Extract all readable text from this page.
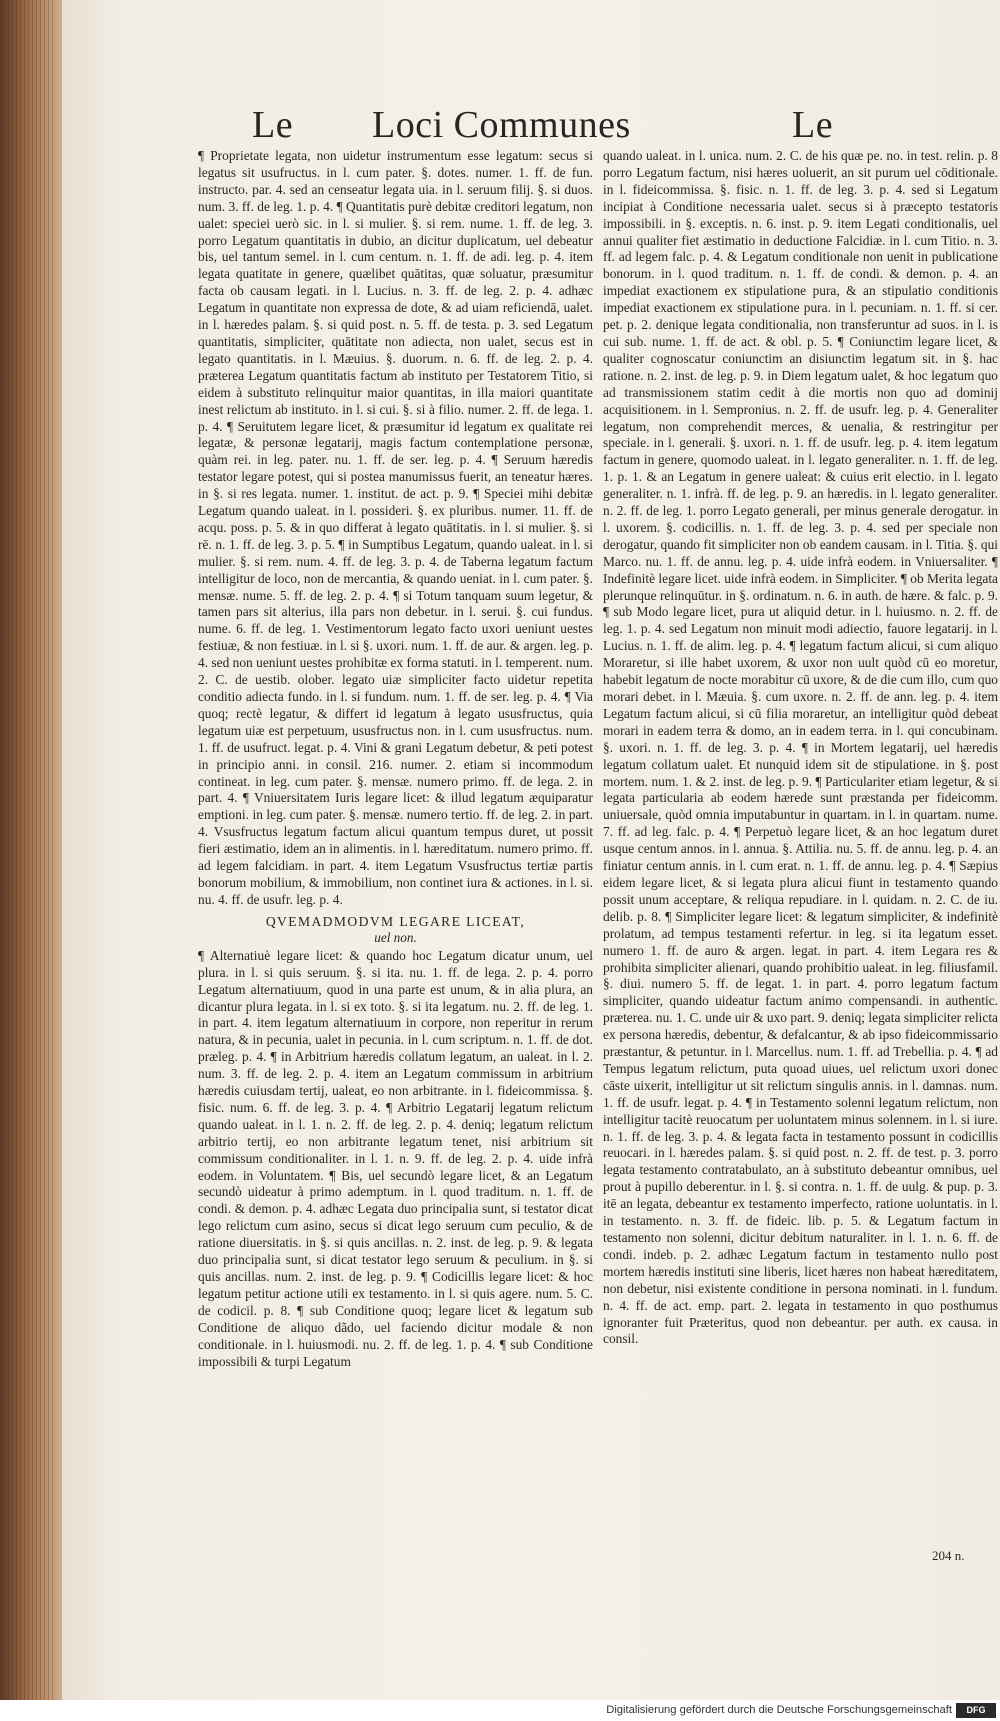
Le Loci Communes	Le

¶ Proprietate legata, non uidetur instrumentum esse legatum: secus si legatus sit usufructus. in l. cum pater. §. dotes. numer. 1. ff. de fun. instructo. par. 4. sed an censeatur legata uia. in l. seruum filij. §. si duos. num. 3. ff. de leg. 1. p. 4. ¶ Quantitatis purè debitæ creditori legatum, non ualet: speciei uerò sic. in l. si mulier. §. si rem. nume. 1. ff. de leg. 3. porro Legatum quantitatis in dubio, an dicitur duplicatum, uel debeatur bis, uel tantum semel. in l. cum centum. n. 1. ff. de adi. leg. p. 4. item legata quatitate in genere, quælibet quātitas, quæ soluatur, præsumitur facta ob causam legati. in l. Lucius. n. 3. ff. de leg. 2. p. 4. adhæc Legatum in quantitate non expressa de dote, & ad uiam reficiendā, ualet. in l. hæredes palam. §. si quid post. n. 5. ff. de testa. p. 3. sed Legatum quantitatis, simpliciter, quātitate non adiecta, non ualet, secus est in legato quantitatis. in l. Mæuius. §. duorum. n. 6. ff. de leg. 2. p. 4. præterea Legatum quantitatis factum ab instituto per Testatorem Titio, si eidem à substituto relinquitur maior quantitas, in illa maiori quantitate inest relictum ab instituto. in l. si cui. §. si à filio. numer. 2. ff. de lega. 1. p. 4. ¶ Seruitutem legare licet, & præsumitur id legatum ex qualitate rei legatæ, & personæ legatarij, magis factum contemplatione personæ, quàm rei. in leg. pater. nu. 1. ff. de ser. leg. p. 4. ¶ Seruum hæredis testator legare potest, qui si postea manumissus fuerit, an teneatur hæres. in §. si res legata. numer. 1. institut. de act. p. 9. ¶ Speciei mihi debitæ Legatum quando ualeat. in l. possideri. §. ex pluribus. numer. 11. ff. de acqu. poss. p. 5. & in quo differat à legato quātitatis. in l. si mulier. §. si rē. n. 1. ff. de leg. 3. p. 5. ¶ in Sumptibus Legatum, quando ualeat. in l. si mulier. §. si rem. num. 4. ff. de leg. 3. p. 4. de Taberna legatum factum intelligitur de loco, non de mercantia, & quando ueniat. in l. cum pater. §. mensæ. nume. 5. ff. de leg. 2. p. 4. ¶ si Totum tanquam suum legetur, & tamen pars sit alterius, illa pars non debetur. in l. serui. §. cui fundus. nume. 6. ff. de leg. 1. Vestimentorum legato facto uxori ueniunt uestes festiuæ, & non festiuæ. in l. si §. uxori. num. 1. ff. de aur. & argen. leg. p. 4. sed non ueniunt uestes prohibitæ ex forma statuti. in l. temperent. num. 2. C. de uestib. olober. legato uiæ simpliciter facto uidetur repetita conditio adiecta fundo. in l. si fundum. num. 1. ff. de ser. leg. p. 4. ¶ Via quoq; rectè legatur, & differt id legatum à legato ususfructus, quia legatum uiæ est perpetuum, ususfructus non. in l. cum ususfructus. num. 1. ff. de usufruct. legat. p. 4. Vini & grani Legatum debetur, & peti potest in principio anni. in consil. 216. numer. 2. etiam si incommodum contineat. in leg. cum pater. §. mensæ. numero primo. ff. de lega. 2. in part. 4. ¶ Vniuersitatem Iuris legare licet: & illud legatum æquiparatur emptioni. in leg. cum pater. §. mensæ. numero tertio. ff. de leg. 2. in part. 4. Vsusfructus legatum factum alicui quantum tempus duret, ut possit fieri æstimatio, idem an in alimentis. in l. hæreditatum. numero primo. ff. ad legem falcidiam. in part. 4. item Legatum Vsusfructus tertiæ partis bonorum mobilium, & immobilium, non continet iura & actiones. in l. si. nu. 4. ff. de usufr. leg. p. 4.

QVEMADMODVM LEGARE LICEAT,
uel non.

¶ Alternatiuè legare licet: & quando hoc Legatum dicatur unum, uel plura. in l. si quis seruum. §. si ita. nu. 1. ff. de lega. 2. p. 4. porro Legatum alternatiuum, quod in una parte est unum, & in alia plura, an dicantur plura legata. in l. si ex toto. §. si ita legatum. nu. 2. ff. de leg. 1. in part. 4. item legatum alternatiuum in corpore, non reperitur in rerum natura, & in pecunia, ualet in pecunia. in l. cum scriptum. n. 1. ff. de dot. præleg. p. 4. ¶ in Arbitrium hæredis collatum legatum, an ualeat. in l. 2. num. 3. ff. de leg. 2. p. 4. item an Legatum commissum in arbitrium hæredis cuiusdam tertij, ualeat, eo non arbitrante. in l. fideicommissa. §. fisic. num. 6. ff. de leg. 3. p. 4. ¶ Arbitrio Legatarij legatum relictum quando ualeat. in l. 1. n. 2. ff. de leg. 2. p. 4. deniq; legatum relictum arbitrio tertij, eo non arbitrante legatum tenet, nisi arbitrium sit commissum conditionaliter. in l. 1. n. 9. ff. de leg. 2. p. 4. uide infrà eodem. in Voluntatem. ¶ Bis, uel secundò legare licet, & an Legatum secundò uideatur à primo ademptum. in l. quod traditum. n. 1. ff. de condi. & demon. p. 4. adhæc Legata duo principalia sunt, si testator dicat lego relictum cum asino, secus si dicat lego seruum cum peculio, & de ratione diuersitatis. in §. si quis ancillas. n. 2. inst. de leg. p. 9. & legata duo principalia sunt, si dicat testator lego seruum & peculium. in §. si quis ancillas. num. 2. inst. de leg. p. 9. ¶ Codicillis legare licet: & hoc legatum petitur actione utili ex testamento. in l. si quis agere. num. 5. C. de codicil. p. 8. ¶ sub Conditione quoq; legare licet & legatum sub Conditione de aliquo dãdo, uel faciendo dicitur modale & non conditionale. in l. huiusmodi. nu. 2. ff. de leg. 1. p. 4. ¶ sub Conditione impossibili & turpi Legatum

quando ualeat. in l. unica. num. 2. C. de his quæ pe. no. in test. relin. p. 8 porro Legatum factum, nisi hæres uoluerit, an sit purum uel cōditionale. in l. fideicommissa. §. fisic. n. 1. ff. de leg. 3. p. 4. sed si Legatum incipiat à Conditione necessaria ualet. secus si à præcepto testatoris impossibili. in §. exceptis. n. 6. inst. p. 9. item Legati conditionalis, uel annui qualiter fiet æstimatio in deductione Falcidiæ. in l. cum Titio. n. 3. ff. ad legem falc. p. 4. & Legatum conditionale non uenit in publicatione bonorum. in l. quod traditum. n. 1. ff. de condi. & demon. p. 4. an impediat exactionem ex stipulatione pura, & an stipulatio conditionis impediat exactionem ex stipulatione pura. in l. pecuniam. n. 1. ff. si cer. pet. p. 2. denique legata conditionalia, non transferuntur ad suos. in l. is cui sub. nume. 1. ff. de act. & obl. p. 5. ¶ Coniunctim legare licet, & qualiter cognoscatur coniunctim an disiunctim legatum sit. in §. hac ratione. n. 2. inst. de leg. p. 9. in Diem legatum ualet, & hoc legatum quo ad transmissionem statim cedit à die mortis non quo ad dominij acquisitionem. in l. Sempronius. n. 2. ff. de usufr. leg. p. 4. Generaliter legatum, non comprehendit merces, & uenalia, & restringitur per speciale. in l. generali. §. uxori. n. 1. ff. de usufr. leg. p. 4. item legatum factum in genere, quomodo ualeat. in l. legato generaliter. n. 1. ff. de leg. 1. p. 1. & an Legatum in genere ualeat: & cuius erit electio. in l. legato generaliter. n. 1. infrà. ff. de leg. p. 9. an hæredis. in l. legato generaliter. n. 2. ff. de leg. 1. porro Legato generali, per minus generale derogatur. in l. uxorem. §. codicillis. n. 1. ff. de leg. 3. p. 4. sed per speciale non derogatur, quando fit simpliciter non ob eandem causam. in l. Titia. §. qui Marco. nu. 1. ff. de annu. leg. p. 4. uide infrà eodem. in Vniuersaliter. ¶ Indefinitè legare licet. uide infrà eodem. in Simpliciter. ¶ ob Merita legata plerunque relinquūtur. in §. ordinatum. n. 6. in auth. de hære. & falc. p. 9. ¶ sub Modo legare licet, pura ut aliquid detur. in l. huiusmo. n. 2. ff. de leg. 1. p. 4. sed Legatum non minuit modi adiectio, fauore legatarij. in l. Lucius. n. 1. ff. de alim. leg. p. 4. ¶ legatum factum alicui, si cum aliquo Moraretur, si ille habet uxorem, & uxor non uult quòd cū eo moretur, habebit legatum de nocte morabitur cū uxore, & de die cum illo, cum quo morari debet. in l. Mæuia. §. cum uxore. n. 2. ff. de ann. leg. p. 4. item Legatum factum alicui, si cū filia moraretur, an intelligitur quòd debeat morari in eadem terra & domo, an in eadem terra. in l. qui concubinam. §. uxori. n. 1. ff. de leg. 3. p. 4. ¶ in Mortem legatarij, uel hæredis legatum collatum ualet. Et nunquid idem sit de stipulatione. in §. post mortem. num. 1. & 2. inst. de leg. p. 9. ¶ Particulariter etiam legetur, & si legata particularia ab eodem hærede sunt præstanda per fideicomm. uniuersale, quòd omnia imputabuntur in quartam. in l. in quartam. nume. 7. ff. ad leg. falc. p. 4. ¶ Perpetuò legare licet, & an hoc legatum duret usque centum annos. in l. annua. §. Attilia. nu. 5. ff. de annu. leg. p. 4. an finiatur centum annis. in l. cum erat. n. 1. ff. de annu. leg. p. 4. ¶ Sæpius eidem legare licet, & si legata plura alicui fiunt in testamento quando possit unum acceptare, & reliqua repudiare. in l. quidam. n. 2. C. de iu. delib. p. 8. ¶ Simpliciter legare licet: & legatum simpliciter, & indefinitè prolatum, ad tempus testamenti refertur. in leg. si ita legatum esset. numero 1. ff. de auro & argen. legat. in part. 4. item Legara res & prohibita simpliciter alienari, quando prohibitio ualeat. in leg. filiusfamil. §. diui. numero 5. ff. de legat. 1. in part. 4. porro legatum factum simpliciter, quando uideatur factum animo compensandi. in authentic. præterea. nu. 1. C. unde uir & uxo part. 9. deniq; legata simpliciter relicta ex persona hæredis, debentur, & defalcantur, & ab ipso fideicommissario præstantur, & petuntur. in l. Marcellus. num. 1. ff. ad Trebellia. p. 4. ¶ ad Tempus legatum relictum, puta quoad uiues, uel relictum uxori donec cāste uixerit, intelligitur ut sit relictum singulis annis. in l. damnas. num. 1. ff. de usufr. legat. p. 4. ¶ in Testamento solenni legatum relictum, non intelligitur tacitè reuocatum per uoluntatem minus solennem. in l. si iure. n. 1. ff. de leg. 3. p. 4. & legata facta in testamento possunt in codicillis reuocari. in l. hæredes palam. §. si quid post. n. 2. ff. de test. p. 3. porro legata testamento contratabulato, an à substituto debeantur omnibus, uel prout à pupillo deberentur. in l. §. si contra. n. 1. ff. de uulg. & pup. p. 3. itē an legata, debeantur ex testamento imperfecto, ratione uoluntatis. in l. in testamento. n. 3. ff. de fideic. lib. p. 5. & Legatum factum in testamento non solenni, dicitur debitum naturaliter. in l. 1. n. 6. ff. de condi. indeb. p. 2. adhæc Legatum factum in testamento nullo post mortem hæredis instituti sine liberis, licet hæres non habeat hæreditatem, non debetur, nisi existente conditione in persona nominati. in l. fundum. n. 4. ff. de act. emp. part. 2. legata in testamento in quo posthumus ignoranter fuit Præteritus, quod non debeantur. per auth. ex causa. in consil.

204 n.
Digitalisierung gefördert durch die Deutsche Forschungsgemeinschaft	DFG
